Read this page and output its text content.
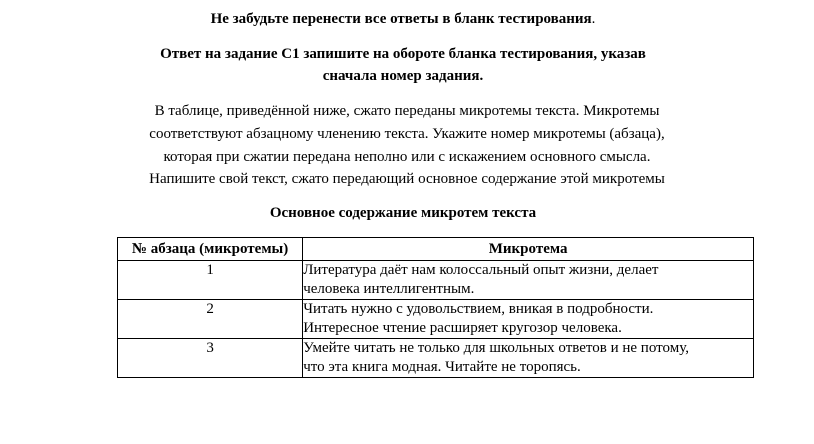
Не забудьте перенести все ответы в бланк тестирования.
Ответ на задание С1 запишите на обороте бланка тестирования, указав
сначала номер задания.
В таблице, приведённой ниже, сжато переданы микротемы текста. Микротемы
соответствуют абзацному членению текста. Укажите номер микротемы (абзаца),
которая при сжатии передана неполно или с искажением основного смысла.
Напишите свой текст, сжато передающий основное содержание этой микротемы
Основное содержание микротем текста
№ абзаца (микротемы)	Микротема
1	Литература даёт нам колоссальный опыт жизни, делает
человека интеллигентным.

2	Читать нужно с удовольствием, вникая в подробности.
Интересное чтение расширяет кругозор человека.

3	Умейте читать не только для школьных ответов и не потому,
что эта книга модная. Читайте не торопясь.
